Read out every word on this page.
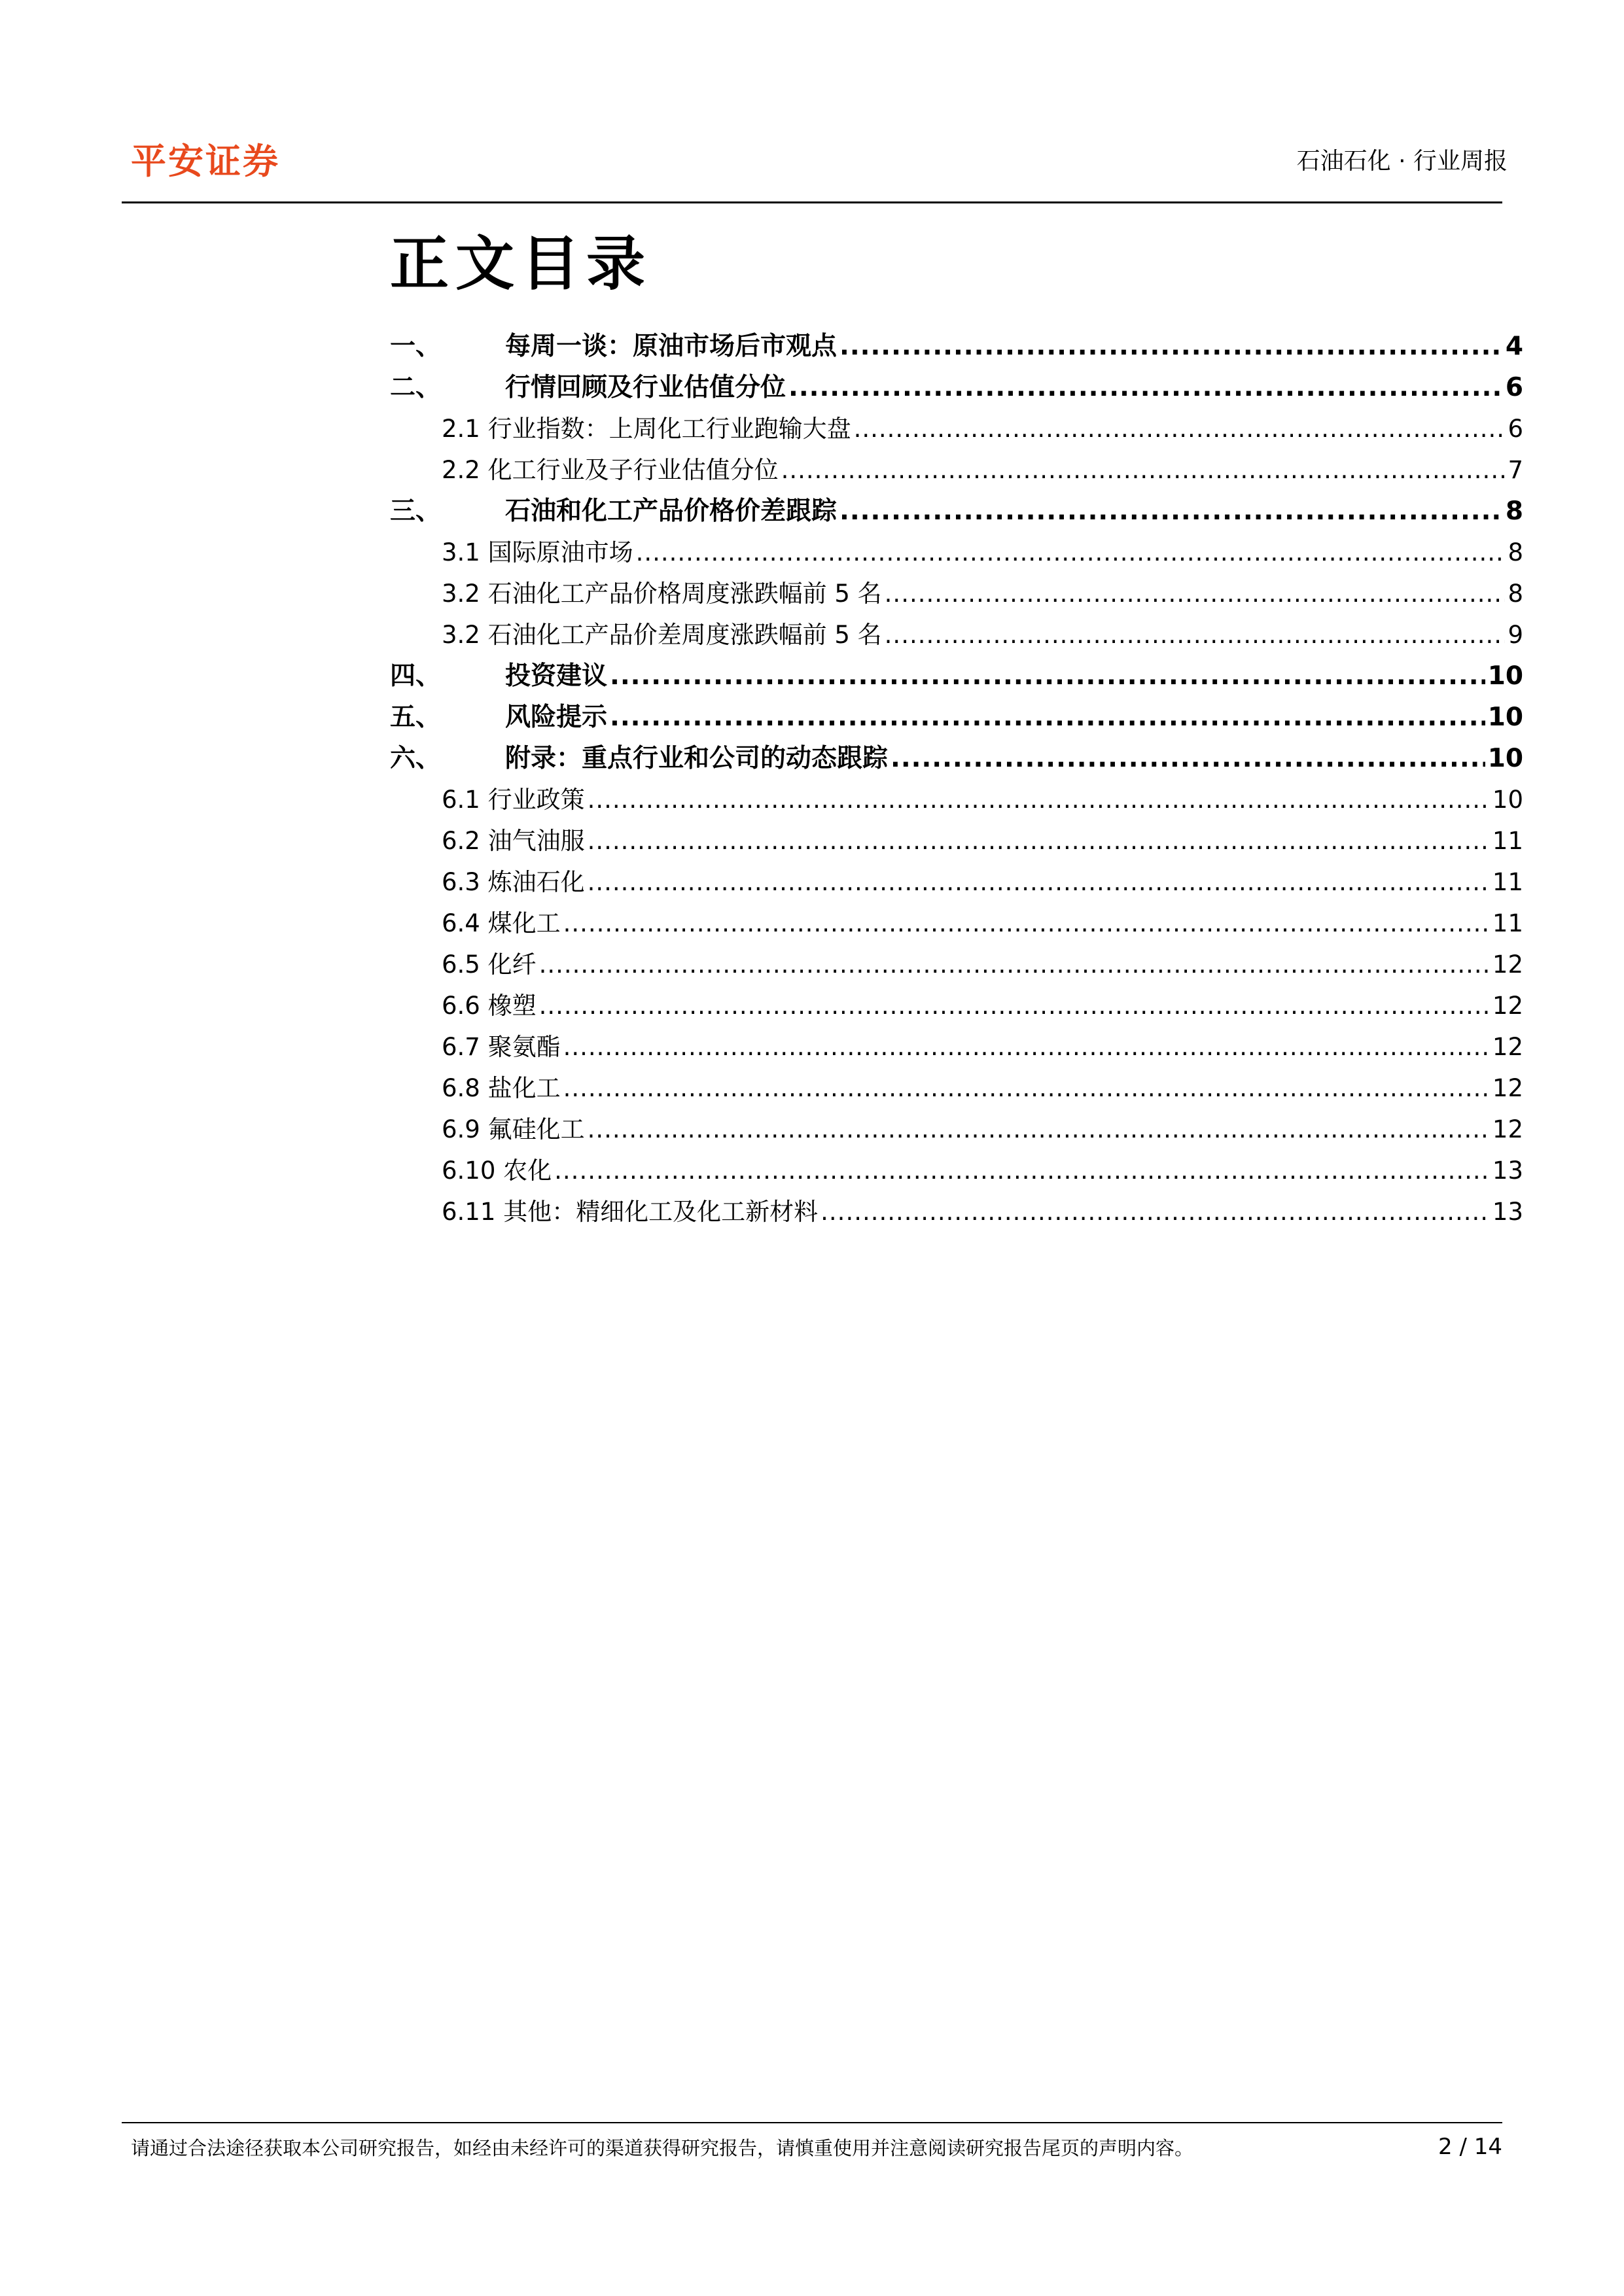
平安证券	石油石化 · 行业周报
正文目录
一、	每周一谈：原油市场后市观点 .....	4
二、	行情回顾及行业估值分位 .....	6
2.1 行业指数：上周化工行业跑输大盘 .....	6
2.2 化工行业及子行业估值分位 .....	7
三、	石油和化工产品价格价差跟踪 .....	8
3.1 国际原油市场 .....	8
3.2 石油化工产品价格周度涨跌幅前 5 名 .....	8
3.2 石油化工产品价差周度涨跌幅前 5 名 .....	9
四、	投资建议 .....	10
五、	风险提示 .....	10
六、	附录：重点行业和公司的动态跟踪 .....	10
6.1 行业政策 .....	10
6.2 油气油服 .....	11
6.3 炼油石化 .....	11
6.4 煤化工 .....	11
6.5 化纤 .....	12
6.6 橡塑 .....	12
6.7 聚氨酯 .....	12
6.8 盐化工 .....	12
6.9 氟硅化工 .....	12
6.10 农化 .....	13
6.11 其他：精细化工及化工新材料 .....	13
请通过合法途径获取本公司研究报告，如经由未经许可的渠道获得研究报告，请慎重使用并注意阅读研究报告尾页的声明内容。	2 / 14
